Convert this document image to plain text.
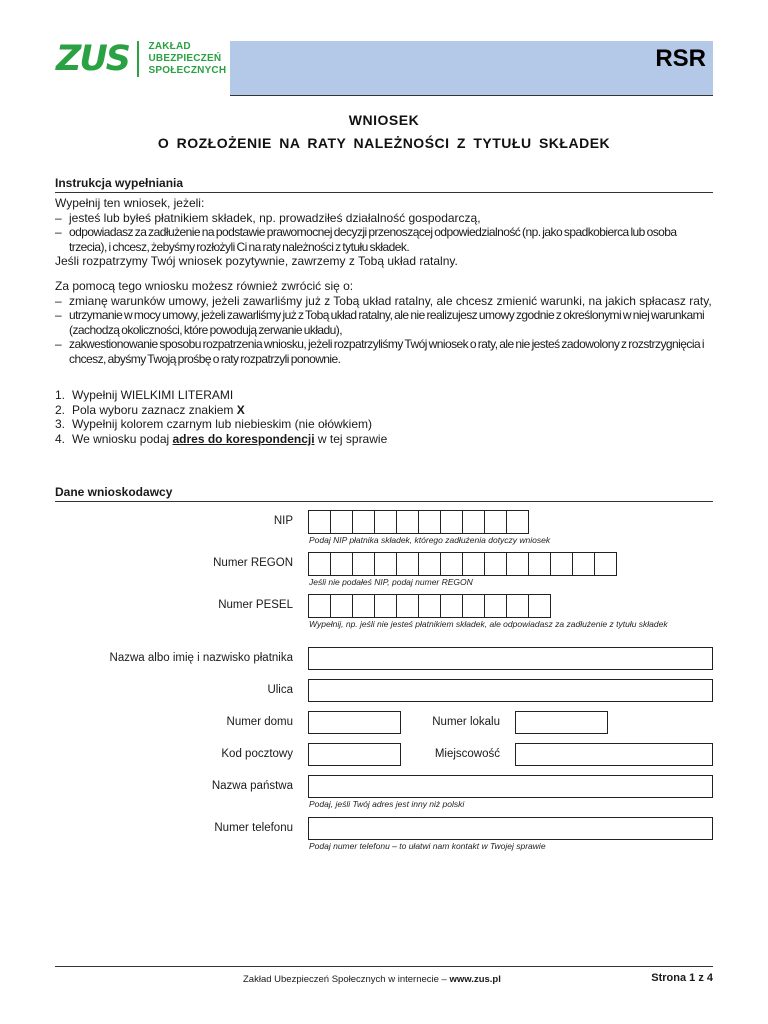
ZUS ZAKŁAD
UBEZPIECZEŃ
SPOŁECZNYCH	RSR
WNIOSEK
O ROZŁOŻENIE NA RATY NALEŻNOŚCI Z TYTUŁU SKŁADEK
Instrukcja wypełniania
Wypełnij ten wniosek, jeżeli:
– jesteś lub byłeś płatnikiem składek, np. prowadziłeś działalność gospodarczą,
– odpowiadasz za zadłużenie na podstawie prawomocnej decyzji przenoszącej odpowiedzialność (np. jako spadkobierca lub osoba trzecia), i chcesz, żebyśmy rozłożyli Ci na raty należności z tytułu składek.
Jeśli rozpatrzymy Twój wniosek pozytywnie, zawrzemy z Tobą układ ratalny.
Za pomocą tego wniosku możesz również zwrócić się o:
– zmianę warunków umowy, jeżeli zawarliśmy już z Tobą układ ratalny, ale chcesz zmienić warunki, na jakich spłacasz raty,
– utrzymanie w mocy umowy, jeżeli zawarliśmy już z Tobą układ ratalny, ale nie realizujesz umowy zgodnie z określonymi w niej warunkami (zachodzą okoliczności, które powodują zerwanie układu),
– zakwestionowanie sposobu rozpatrzenia wniosku, jeżeli rozpatrzyliśmy Twój wniosek o raty, ale nie jesteś zadowolony z rozstrzygnięcia i chcesz, abyśmy Twoją prośbę o raty rozpatrzyli ponownie.
1. Wypełnij WIELKIMI LITERAMI
2. Pola wyboru zaznacz znakiem X
3. Wypełnij kolorem czarnym lub niebieskim (nie ołówkiem)
4. We wniosku podaj adres do korespondencji w tej sprawie
Dane wnioskodawcy
NIP
Podaj NIP płatnika składek, którego zadłużenia dotyczy wniosek
Numer REGON
Jeśli nie podałeś NIP, podaj numer REGON
Numer PESEL
Wypełnij, np. jeśli nie jesteś płatnikiem składek, ale odpowiadasz za zadłużenie z tytułu składek
Nazwa albo imię i nazwisko płatnika
Ulica
Numer domu	Numer lokalu
Kod pocztowy	Miejscowość
Nazwa państwa
Podaj, jeśli Twój adres jest inny niż polski
Numer telefonu
Podaj numer telefonu – to ułatwi nam kontakt w Twojej sprawie
Zakład Ubezpieczeń Społecznych w internecie – www.zus.pl	Strona 1 z 4
